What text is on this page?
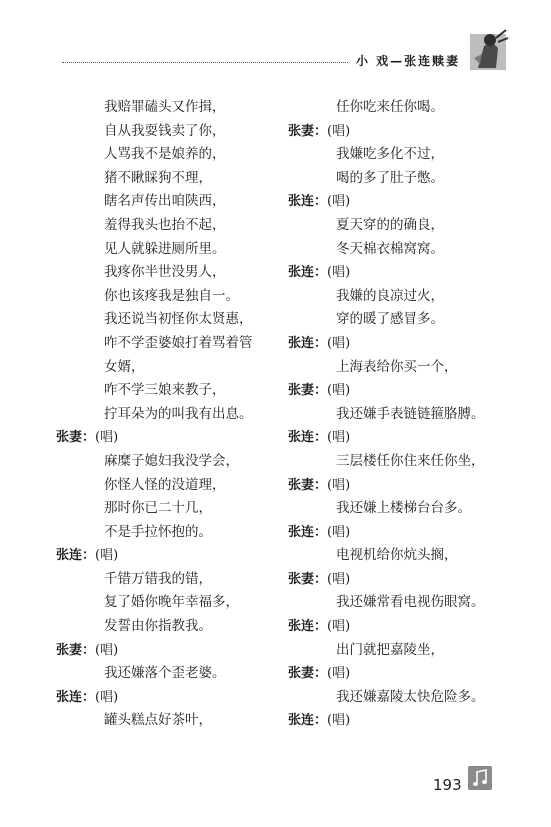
小 戏—张连赎妻
我赔罪磕头又作揖，
自从我耍钱卖了你，
人骂我不是娘养的，
猪不瞅睬狗不理，
瞎名声传出咱陕西，
羞得我头也抬不起，
见人就躲进厕所里。
我疼你半世没男人，
你也该疼我是独自一。
我还说当初怪你太贤惠，
咋不学歪婆娘打着骂着管
女婿，
咋不学三娘来教子，
拧耳朵为的叫我有出息。
张妻：(唱)
麻糜子媳妇我没学会，
你怪人怪的没道理，
那时你已二十几，
不是手拉怀抱的。
张连：(唱)
千错万错我的错，
复了婚你晚年幸福多，
发誓由你指教我。
张妻：(唱)
我还嫌落个歪老婆。
张连：(唱)
罐头糕点好茶叶，
任你吃来任你喝。
张妻：(唱)
我嫌吃多化不过，
喝的多了肚子憋。
张连：(唱)
夏天穿的的确良，
冬天棉衣棉窝窝。
张连：(唱)
我嫌的良凉过火，
穿的暖了感冒多。
张连：(唱)
上海表给你买一个，
张妻：(唱)
我还嫌手表链链箍胳膊。
张连：(唱)
三层楼任你住来任你坐，
张妻：(唱)
我还嫌上楼梯台台多。
张连：(唱)
电视机给你炕头搁，
张妻：(唱)
我还嫌常看电视伤眼窝。
张连：(唱)
出门就把嘉陵坐，
张妻：(唱)
我还嫌嘉陵太快危险多。
张连：(唱)
193
